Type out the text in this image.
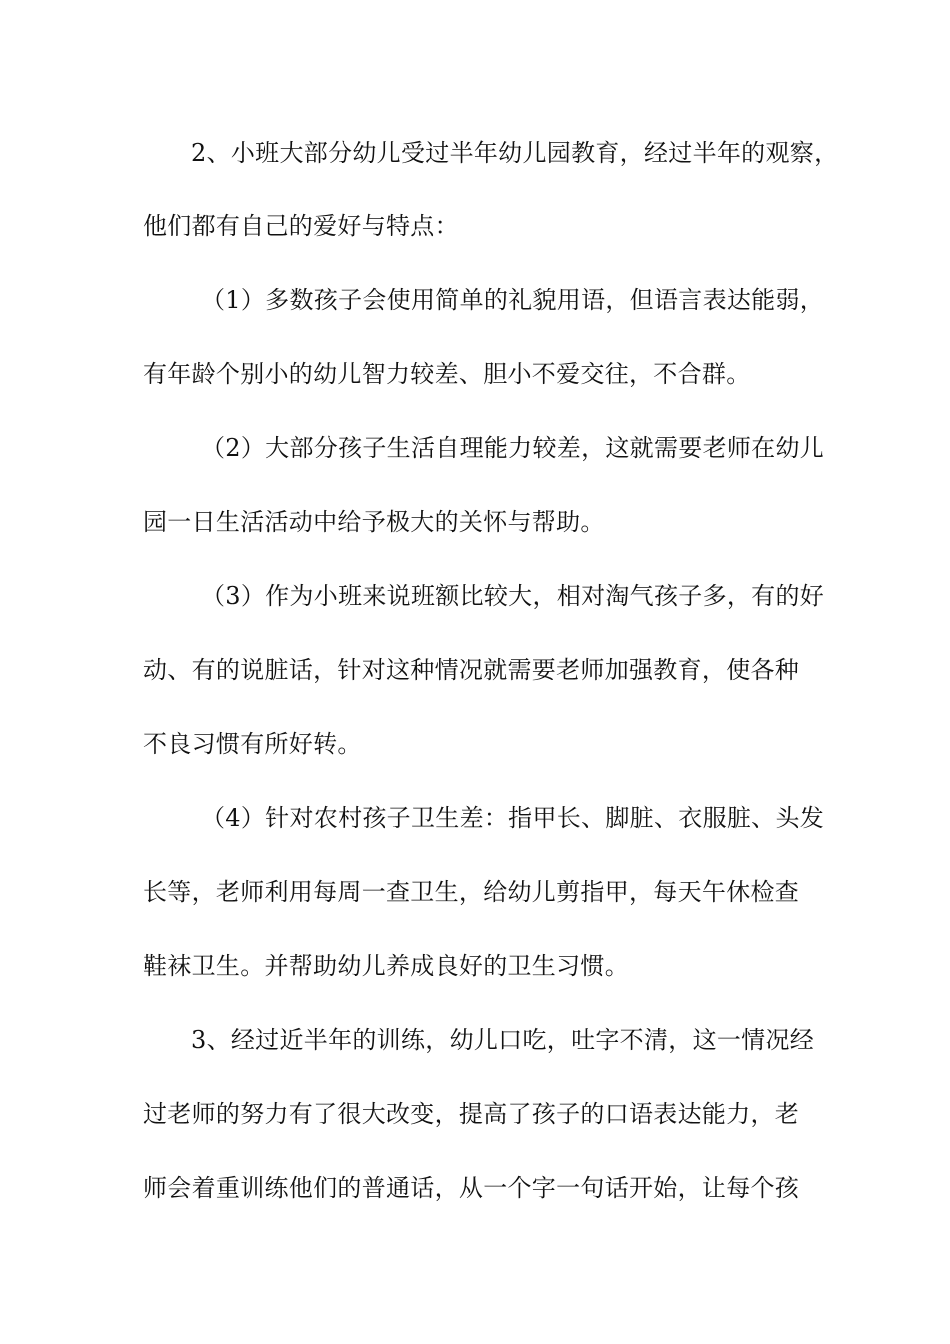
2、小班大部分幼儿受过半年幼儿园教育，经过半年的观察，
他们都有自己的爱好与特点：
（1）多数孩子会使用简单的礼貌用语，但语言表达能弱，
有年龄个别小的幼儿智力较差、胆小不爱交往，不合群。
（2）大部分孩子生活自理能力较差，这就需要老师在幼儿
园一日生活活动中给予极大的关怀与帮助。
（3）作为小班来说班额比较大，相对淘气孩子多，有的好
动、有的说脏话，针对这种情况就需要老师加强教育，使各种
不良习惯有所好转。
（4）针对农村孩子卫生差：指甲长、脚脏、衣服脏、头发
长等，老师利用每周一查卫生，给幼儿剪指甲，每天午休检查
鞋袜卫生。并帮助幼儿养成良好的卫生习惯。
3、经过近半年的训练，幼儿口吃，吐字不清，这一情况经
过老师的努力有了很大改变，提高了孩子的口语表达能力，老
师会着重训练他们的普通话，从一个字一句话开始，让每个孩
